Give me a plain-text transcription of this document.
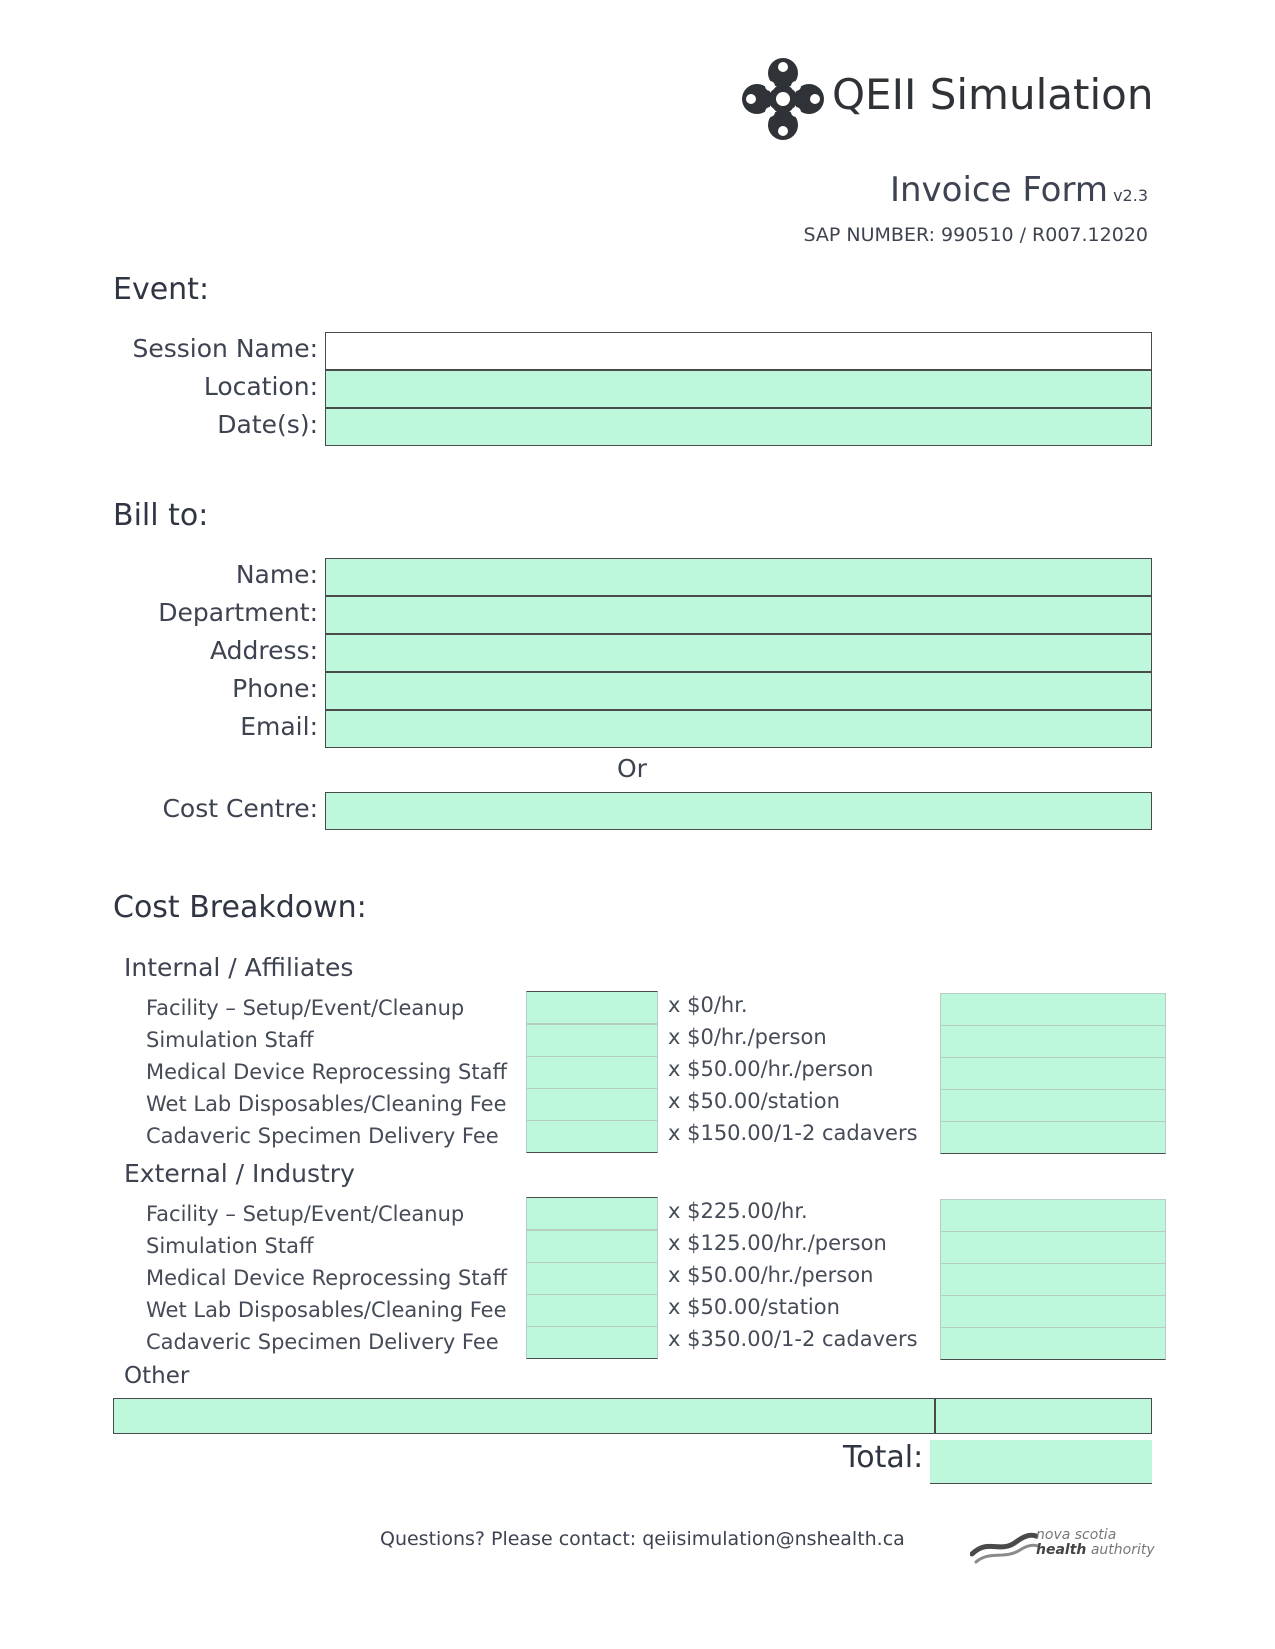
QEII Simulation
Invoice Form v2.3
SAP NUMBER: 990510 / R007.12020
Event:
Session Name:
Location:
Date(s):
Bill to:
Name:
Department:
Address:
Phone:
Email:
Or
Cost Centre:
Cost Breakdown:
Internal / Affiliates
Facility – Setup/Event/Cleanup	x $0/hr.
Simulation Staff	x $0/hr./person
Medical Device Reprocessing Staff	x $50.00/hr./person
Wet Lab Disposables/Cleaning Fee	x $50.00/station
Cadaveric Specimen Delivery Fee	x $150.00/1-2 cadavers
External / Industry
Facility – Setup/Event/Cleanup	x $225.00/hr.
Simulation Staff	x $125.00/hr./person
Medical Device Reprocessing Staff	x $50.00/hr./person
Wet Lab Disposables/Cleaning Fee	x $50.00/station
Cadaveric Specimen Delivery Fee	x $350.00/1-2 cadavers
Other
Total:
Questions? Please contact: qeiisimulation@nshealth.ca	nova scotia
health authority
